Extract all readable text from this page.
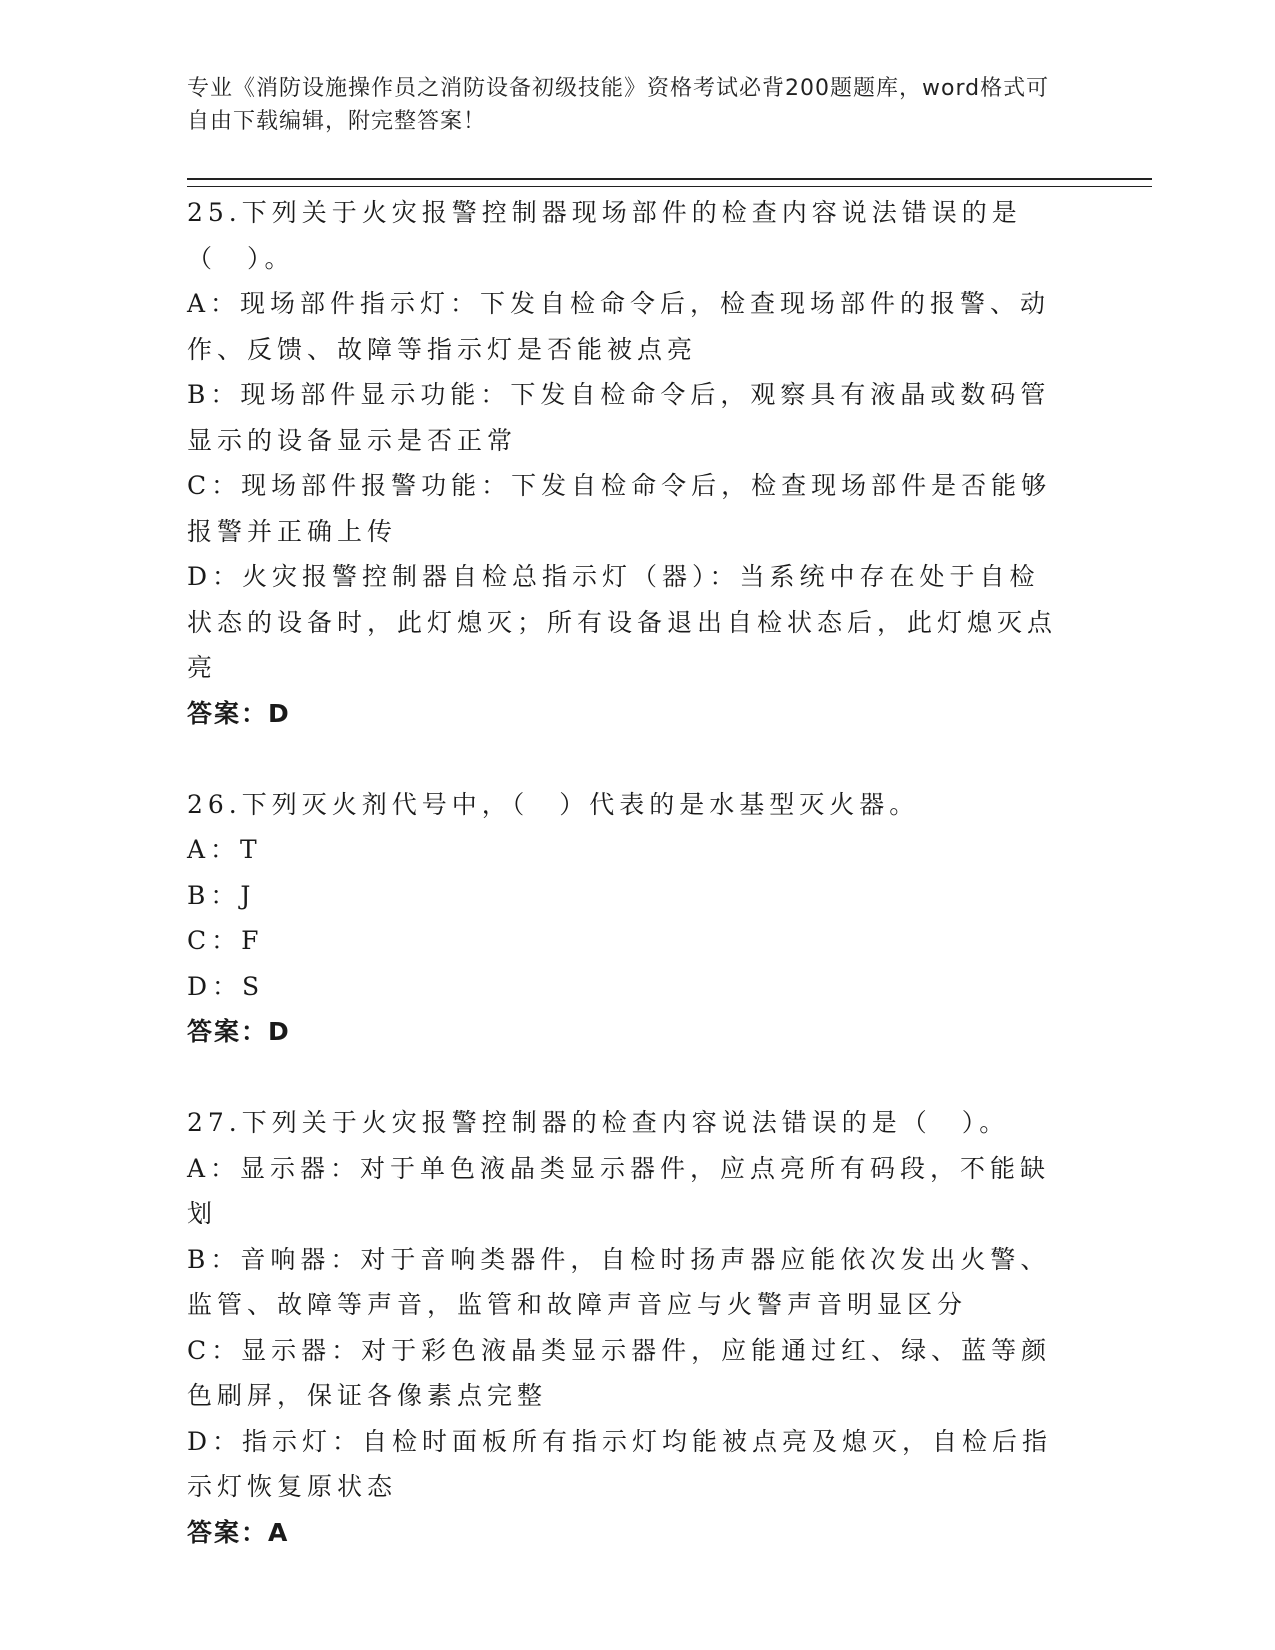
专业《消防设施操作员之消防设备初级技能》资格考试必背200题题库，word格式可自由下载编辑，附完整答案！

25.下列关于火灾报警控制器现场部件的检查内容说法错误的是（　）。

A：现场部件指示灯：下发自检命令后，检查现场部件的报警、动作、反馈、故障等指示灯是否能被点亮

B：现场部件显示功能：下发自检命令后，观察具有液晶或数码管显示的设备显示是否正常

C：现场部件报警功能：下发自检命令后，检查现场部件是否能够报警并正确上传

D：火灾报警控制器自检总指示灯（器）：当系统中存在处于自检状态的设备时，此灯熄灭；所有设备退出自检状态后，此灯熄灭点亮

答案：D

26.下列灭火剂代号中，（　）代表的是水基型灭火器。

A：T

B：J

C：F

D：S

答案：D

27.下列关于火灾报警控制器的检查内容说法错误的是（　）。

A：显示器：对于单色液晶类显示器件，应点亮所有码段，不能缺划

B：音响器：对于音响类器件，自检时扬声器应能依次发出火警、监管、故障等声音，监管和故障声音应与火警声音明显区分

C：显示器：对于彩色液晶类显示器件，应能通过红、绿、蓝等颜色刷屏，保证各像素点完整

D：指示灯：自检时面板所有指示灯均能被点亮及熄灭，自检后指示灯恢复原状态

答案：A
